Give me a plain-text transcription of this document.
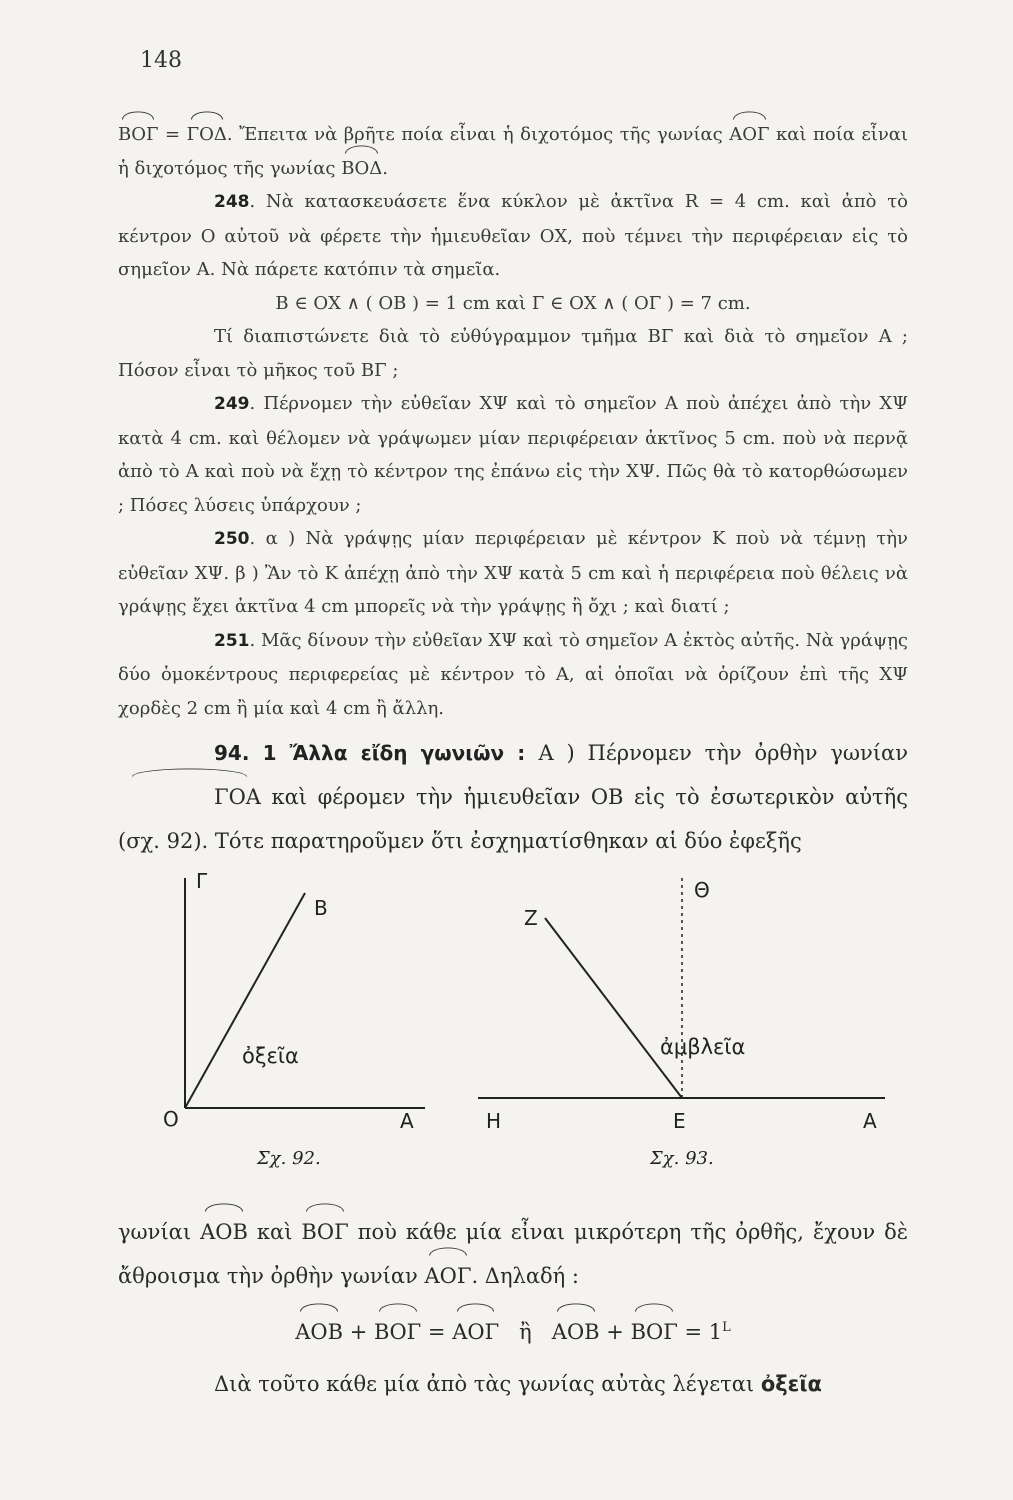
148

ΒΟΓ = ΓΟΔ. Ἔπειτα νὰ βρῆτε ποία εἶναι ἡ διχοτόμος τῆς γωνίας ΑΟΓ καὶ ποία εἶναι ἡ διχοτόμος τῆς γωνίας ΒΟΔ.

248. Νὰ κατασκευάσετε ἕνα κύκλον μὲ ἀκτῖνα R = 4 cm. καὶ ἀπὸ τὸ κέντρον Ο αὐτοῦ νὰ φέρετε τὴν ἡμιευθεῖαν ΟΧ, ποὺ τέμνει τὴν περιφέρειαν εἰς τὸ σημεῖον Α. Νὰ πάρετε κατόπιν τὰ σημεῖα.

Β ∈ ΟΧ ∧ ( ΟΒ ) = 1 cm καὶ Γ ∈ ΟΧ ∧ ( ΟΓ ) = 7 cm.

Τί διαπιστώνετε διὰ τὸ εὐθύγραμμον τμῆμα ΒΓ καὶ διὰ τὸ σημεῖον Α ; Πόσον εἶναι τὸ μῆκος τοῦ ΒΓ ;

249. Πέρνομεν τὴν εὐθεῖαν ΧΨ καὶ τὸ σημεῖον Α ποὺ ἀπέχει ἀπὸ τὴν ΧΨ κατὰ 4 cm. καὶ θέλομεν νὰ γράψωμεν μίαν περιφέρειαν ἀκτῖνος 5 cm. ποὺ νὰ περνᾷ ἀπὸ τὸ Α καὶ ποὺ νὰ ἔχῃ τὸ κέντρον της ἐπάνω εἰς τὴν ΧΨ. Πῶς θὰ τὸ κατορθώσωμεν ; Πόσες λύσεις ὑπάρχουν ;

250. α ) Νὰ γράψῃς μίαν περιφέρειαν μὲ κέντρον Κ ποὺ νὰ τέμνῃ τὴν εὐθεῖαν ΧΨ. β ) Ἂν τὸ Κ ἀπέχῃ ἀπὸ τὴν ΧΨ κατὰ 5 cm καὶ ἡ περιφέρεια ποὺ θέλεις νὰ γράψῃς ἔχει ἀκτῖνα 4 cm μπορεῖς νὰ τὴν γράψῃς ἢ ὄχι ; καὶ διατί ;

251. Μᾶς δίνουν τὴν εὐθεῖαν ΧΨ καὶ τὸ σημεῖον Α ἐκτὸς αὐτῆς. Νὰ γράψῃς δύο ὁμοκέντρους περιφερείας μὲ κέντρον τὸ Α, αἱ ὁποῖαι νὰ ὁρίζουν ἐπὶ τῆς ΧΨ χορδὲς 2 cm ἢ μία καὶ 4 cm ἢ ἄλλη.

94. 1 Ἄλλα εἴδη γωνιῶν : Α ) Πέρνομεν τὴν ὀρθὴν γωνίαν ΓΟΑ καὶ φέρομεν τὴν ἡμιευθεῖαν ΟΒ εἰς τὸ ἐσωτερικὸν αὐτῆς (σχ. 92). Τότε παρατηροῦμεν ὅτι ἐσχηματίσθηκαν αἱ δύο ἐφεξῆς

Γ
Β
Ο	Α
ὀξεῖα
Σχ. 92.
Θ
Ζ
Η	Ε	Α
ἀμβλεῖα
Σχ. 93.

γωνίαι ΑΟΒ καὶ ΒΟΓ ποὺ κάθε μία εἶναι μικρότερη τῆς ὀρθῆς, ἔχουν δὲ ἄθροισμα τὴν ὀρθὴν γωνίαν ΑΟΓ. Δηλαδή :

ΑΟΒ + ΒΟΓ = ΑΟΓ   ἢ   $AOB + BO\Gamma = 1^L$

Διὰ τοῦτο κάθε μία ἀπὸ τὰς γωνίας αὐτὰς λέγεται ὀξεῖα
